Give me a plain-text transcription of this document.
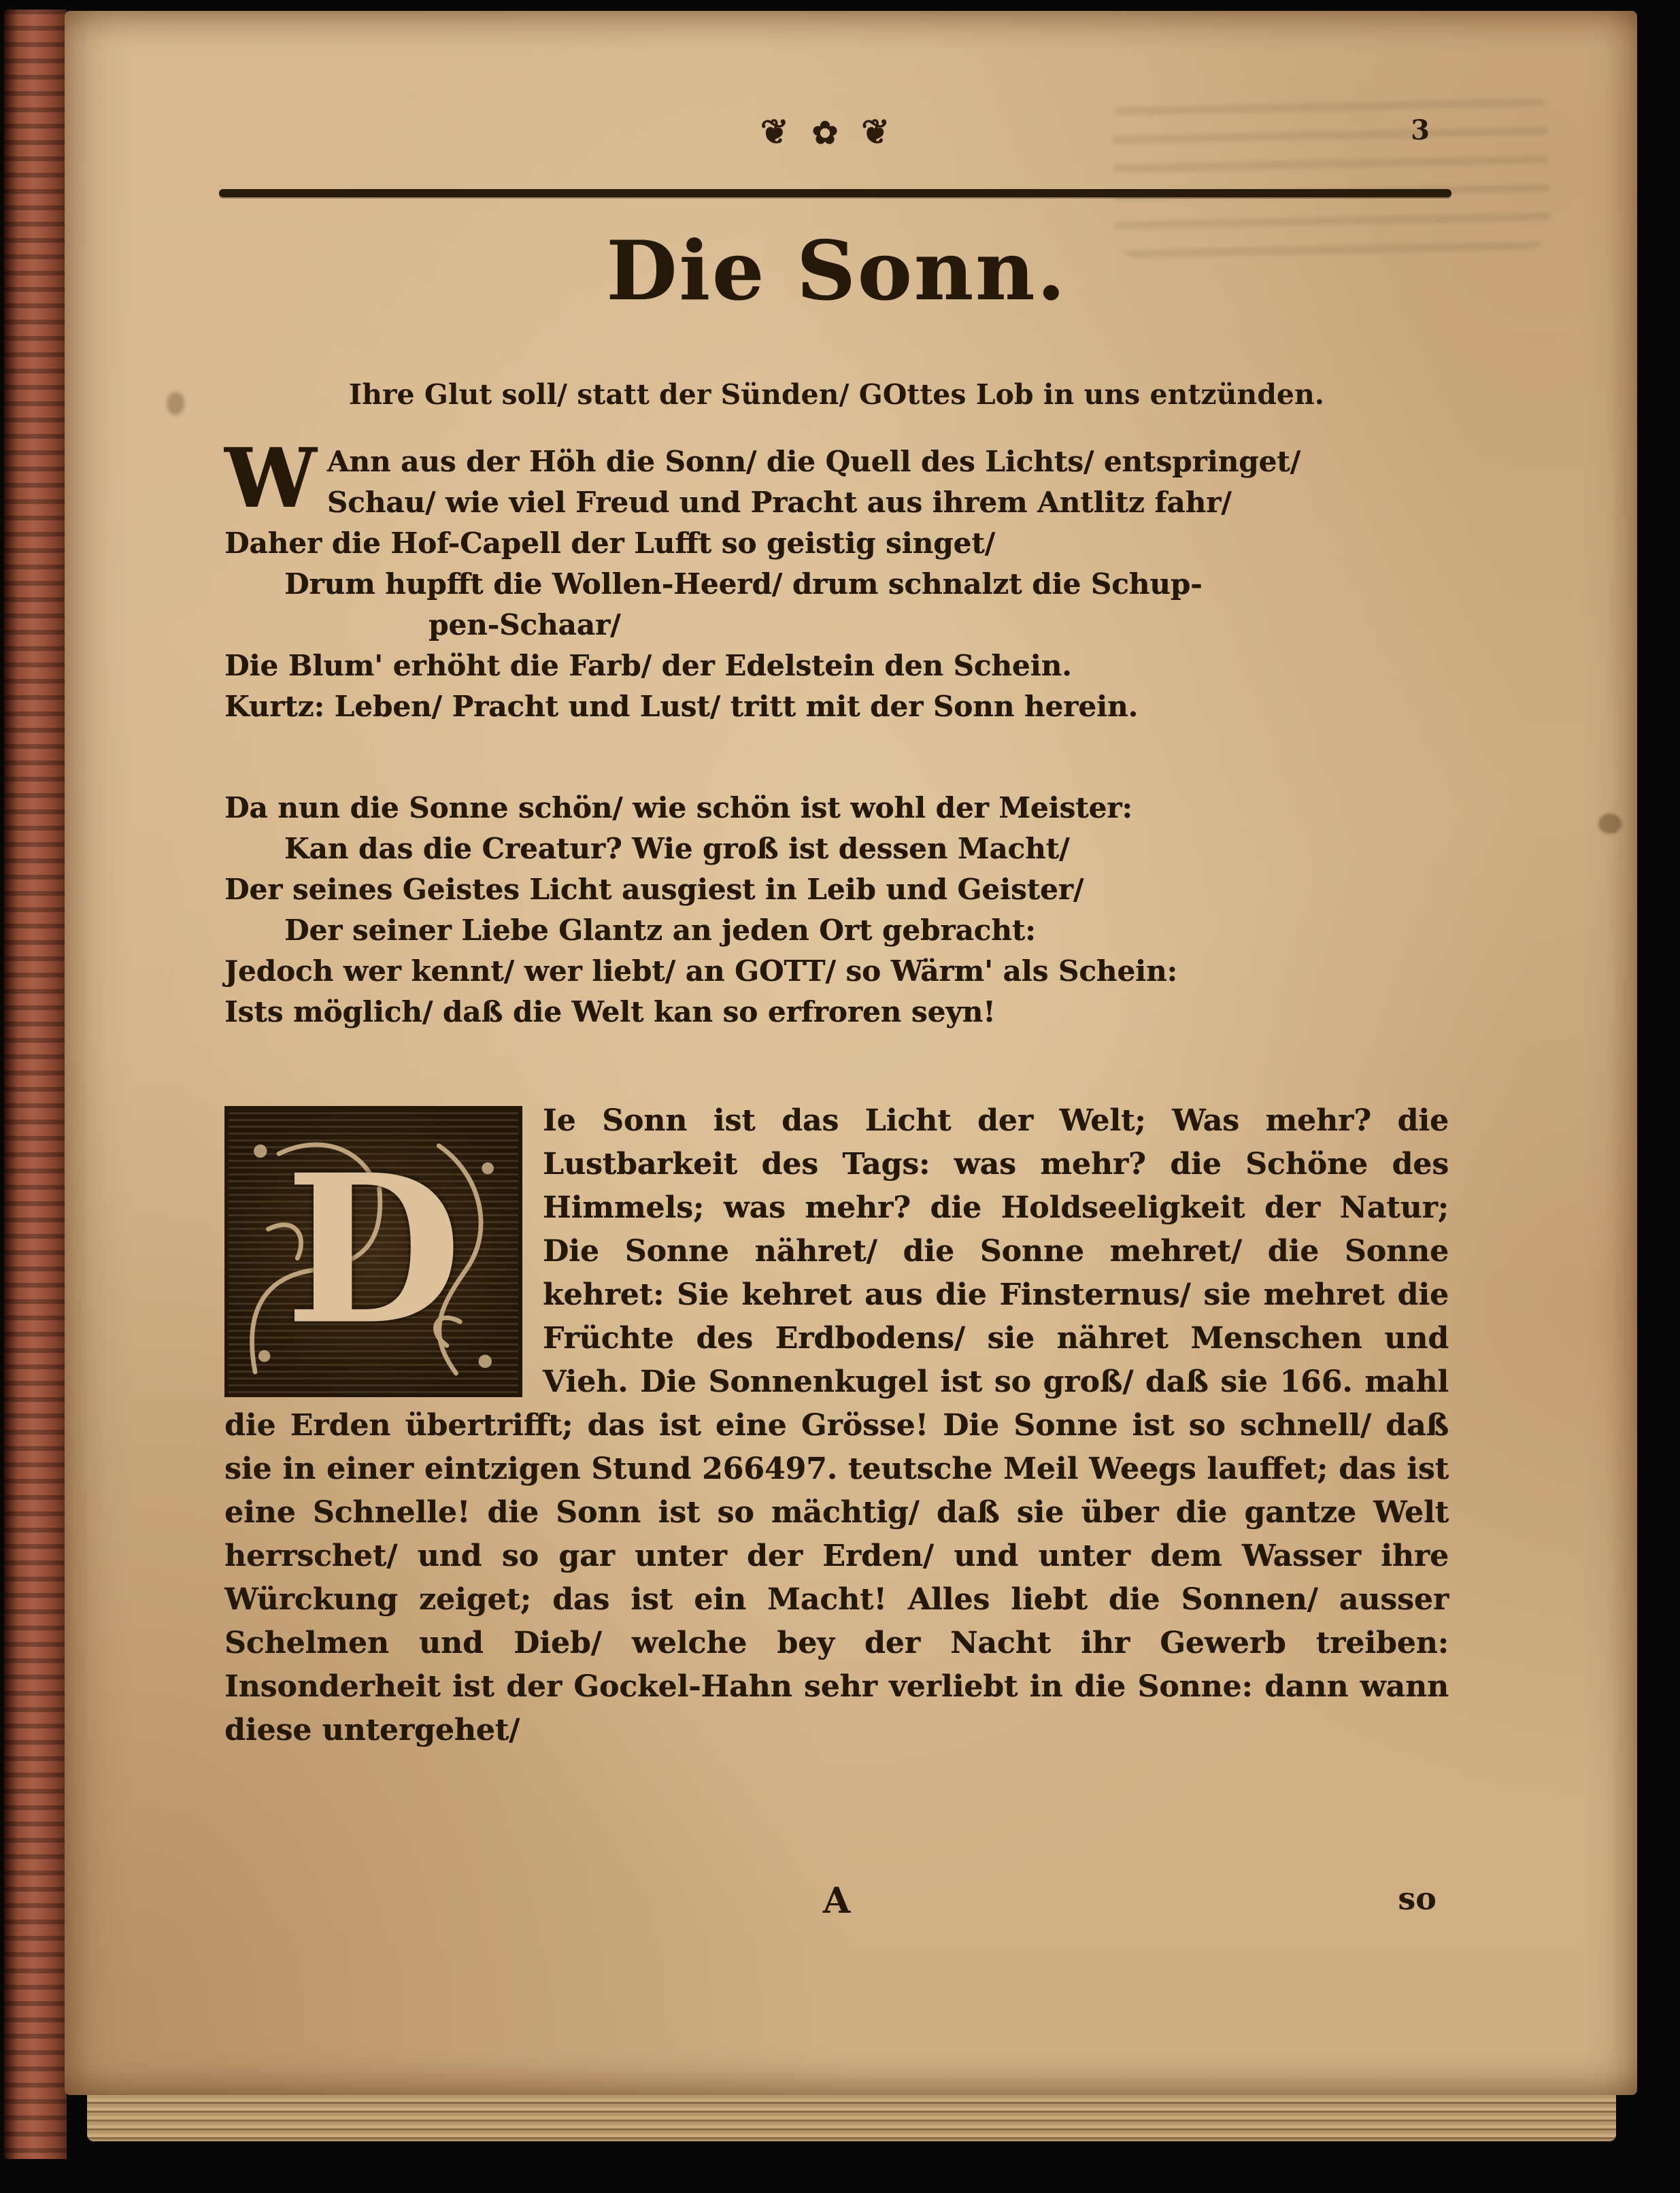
❦✿❦	3
Die Sonn.
Ihre Glut soll/ statt der Sünden/ GOttes Lob in uns entzünden.
W Ann aus der Höh die Sonn/ die Quell des Lichts/ entspringet/
Schau/ wie viel Freud und Pracht aus ihrem Antlitz fahr/
Daher die Hof-Capell der Lufft so geistig singet/
Drum hupfft die Wollen-Heerd/ drum schnalzt die Schup-
pen-Schaar/
Die Blum' erhöht die Farb/ der Edelstein den Schein.
Kurtz: Leben/ Pracht und Lust/ tritt mit der Sonn herein.
Da nun die Sonne schön/ wie schön ist wohl der Meister:
Kan das die Creatur? Wie groß ist dessen Macht/
Der seines Geistes Licht ausgiest in Leib und Geister/
Der seiner Liebe Glantz an jeden Ort gebracht:
Jedoch wer kennt/ wer liebt/ an GOTT/ so Wärm' als Schein:
Ists möglich/ daß die Welt kan so erfroren seyn!
D
Ie Sonn ist das Licht der Welt; Was mehr? die Lustbarkeit des Tags: was mehr? die Schöne des Himmels; was mehr? die Holdseeligkeit der Natur; Die Sonne nähret/ die Sonne mehret/ die Sonne kehret: Sie kehret aus die Finsternus/ sie mehret die Früchte des Erdbodens/ sie nähret Menschen und Vieh. Die Sonnenkugel ist so groß/ daß sie 166. mahl die Erden übertrifft; das ist eine Grösse! Die Sonne ist so schnell/ daß sie in einer eintzigen Stund 266497. teutsche Meil Weegs lauffet; das ist eine Schnelle! die Sonn ist so mächtig/ daß sie über die gantze Welt herrschet/ und so gar unter der Erden/ und unter dem Wasser ihre Würckung zeiget; das ist ein Macht! Alles liebt die Sonnen/ ausser Schelmen und Dieb/ welche bey der Nacht ihr Gewerb treiben: Insonderheit ist der Gockel-Hahn sehr verliebt in die Sonne: dann wann diese untergehet/
A	so
